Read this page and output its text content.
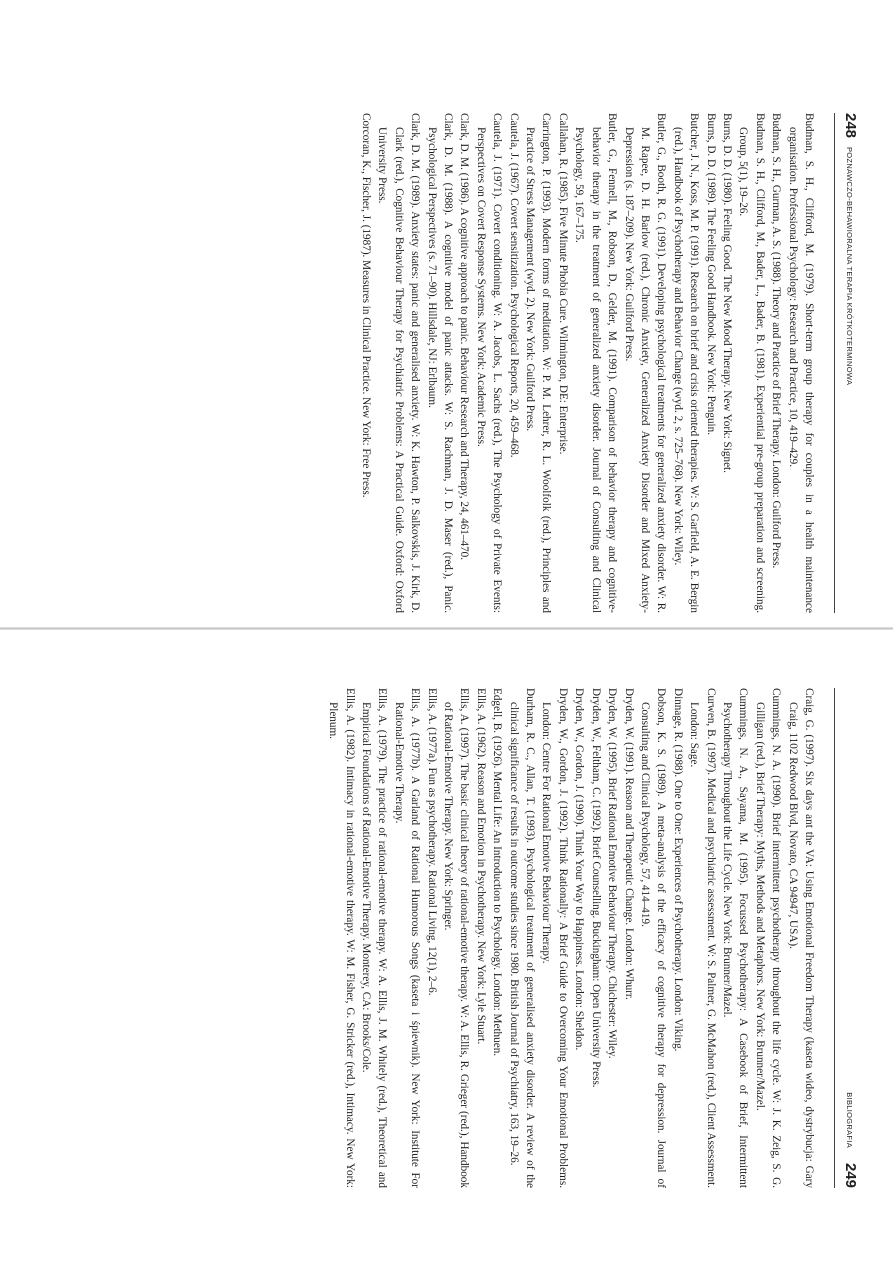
248
POZNAWCZO-BEHAWIORALNA TERAPIA KRÓTKOTERMINOWA
Budman, S. H., Clifford, M. (1979). Short-term group therapy for couples in a health maintenance organisation. Professional Psychology: Research and Practice, 10, 419–429.
Budman, S. H., Gurman, A. S. (1988). Theory and Practice of Brief Therapy. London: Guilford Press.
Budman, S. H., Clifford, M., Bader, L., Bader, B. (1981). Experiential pre-group preparation and screening. Group, 5(1), 19–26.
Burns, D. D. (1980). Feeling Good. The New Mood Therapy. New York: Signet.
Burns, D. D. (1989). The Feeling Good Handbook. New York: Penguin.
Butcher, J. N., Koss, M. P. (1991). Research on brief and crisis oriented therapies. W: S. Garfield, A. E. Bergin (red.), Handbook of Psychotherapy and Behavior Change (wyd. 2, s. 725–768). New York: Wiley.
Butler, G., Booth, R. G. (1991). Developing psychological treatments for generalized anxiety disorder. W: R. M. Rapee, D. H. Barlow (red.), Chronic Anxiety, Generalized Anxiety Disorder and Mixed Anxiety-Depression (s. 187–209). New York: Guilford Press.
Butler, G., Fennell, M., Robson, D., Gelder, M. (1991). Comparison of behavior therapy and cognitive-behavior therapy in the treatment of generalized anxiety disorder. Journal of Consulting and Clinical Psychology, 59, 167–175.
Callahan, R. (1985). Five Minute Phobia Cure. Wilmington, DE: Enterprise.
Carrington, P. (1993). Modern forms of meditation. W: P. M. Lehrer, R. L. Woolfolk (red.), Principles and Practice of Stress Management (wyd. 2). New York: Guilford Press.
Cautela, J. (1967). Covert sensitization. Psychological Reports, 20, 459–468.
Cautela, J. (1971). Covert conditioning. W: A. Jacobs, L. Sachs (red.), The Psychology of Private Events: Perspectives on Covert Response Systems. New York: Academic Press.
Clark, D. M. (1986). A cognitive approach to panic. Behaviour Research and Therapy, 24, 461–470.
Clark, D. M. (1988). A cognitive model of panic attacks. W: S. Rachman, J. D. Maser (red.), Panic. Psychological Perspectives (s. 71–90). Hillsdale, NJ: Erlbaum.
Clark, D. M. (1989). Anxiety states: panic and generalised anxiety. W: K. Hawton, P. Salkovskis, J. Kirk, D. Clark (red.), Cognitive Behaviour Therapy for Psychiatric Problems: A Practical Guide. Oxford: Oxford University Press.
Corcoran, K., Fischer, J. (1987). Measures in Clinical Practice. New York: Free Press.
BIBLIOGRAFIA
249
Craig, G. (1997). Six days ant the VA: Using Emotional Freedom Therapy (kaseta wideo, dystrybucja: Gary Craig, 1102 Redwood Blvd, Novato, CA 94947, USA).
Cummings, N. A. (1990). Brief intermittent psychotherapy throughout the life cycle. W: J. K. Zeig, S. G. Gilligan (red.), Brief Therapy: Myths, Methods and Metaphors. New York: Brunner/Mazel.
Cummings, N. A., Sayama, M. (1995). Focussed Psychotherapy: A Casebook of Brief, Intermittent Psychotherapy Throughout the Life Cycle. New York: Brunner/Mazel.
Curwen, B. (1997). Medical and psychiatric assessment. W: S. Palmer, G. McMahon (red.), Client Assessment. London: Sage.
Dinnage, R. (1988). One to One: Experiences of Psychotherapy. London: Viking.
Dobson, K. S. (1989). A meta-analysis of the efficacy of cognitive therapy for depression. Journal of Consulting and Clinical Psychology, 57, 414–419.
Dryden, W. (1991). Reason and Therapeutic Change. London: Whurr.
Dryden, W. (1995). Brief Rational Emotive Behaviour Therapy. Chichester: Wiley.
Dryden, W., Feltham, C. (1992). Brief Counselling. Buckingham: Open University Press.
Dryden, W., Gordon, J. (1990). Think Your Way to Happiness. London: Sheldon.
Dryden, W., Gordon, J. (1992). Think Rationally: A Brief Guide to Overcoming Your Emotional Problems. London: Centre For Rational Emotive Behaviour Therapy.
Durham, R. C., Allan, T. (1993). Psychological treatment of generalised anxiety disorder. A review of the clinical significance of results in outcome studies since 1980. British Journal of Psychiatry, 163, 19–26.
Edgell, B. (1926). Mental Life: An Introduction to Psychology. London: Methuen.
Ellis, A. (1962). Reason and Emotion in Psychotherapy. New York: Lyle Stuart.
Ellis, A. (1997). The basic clinical theory of rational-emotive therapy. W: A. Ellis, R. Grieger (red.), Handbook of Rational-Emotive Therapy. New York: Springer.
Ellis, A. (1977a). Fun as psychotherapy. Rational Living, 12(1), 2–6.
Ellis, A. (1977b). A Garland of Rational Humorous Songs (kaseta i śpiewnik). New York: Institute For Rational-Emotive Therapy.
Ellis, A. (1979). The practice of rational-emotive therapy. W: A. Ellis, J. M. Whitely (red.), Theoretical and Empirical Foundations of Rational-Emotive Therapy. Monterey, CA: Brooks/Cole.
Ellis, A. (1982). Intimacy in rational-emotive therapy. W: M. Fisher, G. Stricker (red.), Intimacy. New York: Plenum.
